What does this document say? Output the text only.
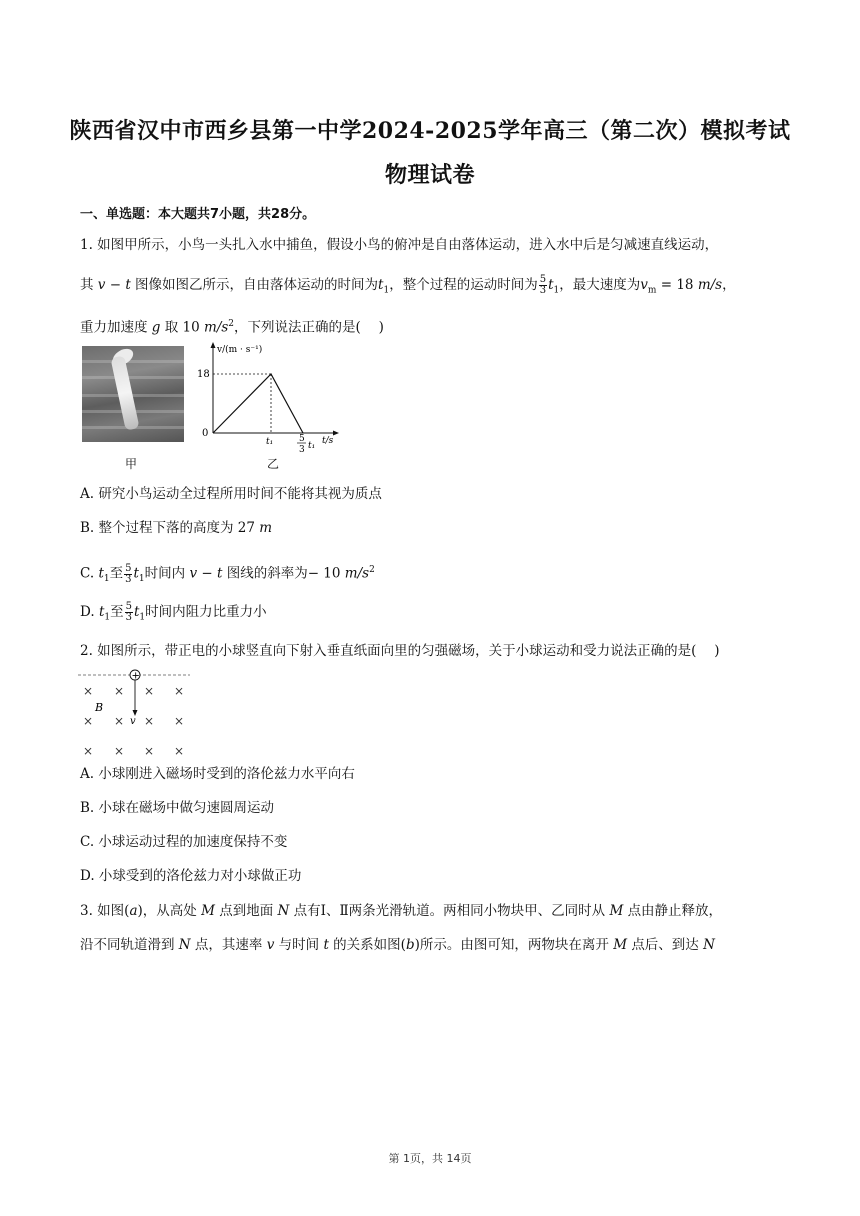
陕西省汉中市西乡县第一中学2024-2025学年高三（第二次）模拟考试
物理试卷
一、单选题：本大题共7小题，共28分。
1. 如图甲所示，小鸟一头扎入水中捕鱼，假设小鸟的俯冲是自由落体运动，进入水中后是匀减速直线运动，
其 v − t 图像如图乙所示，自由落体运动的时间为$t_1$，整个过程的运动时间为 $\frac{5}{3} t_1$，最大速度为$v_m = 18$ m/s，
重力加速度 g 取 10 $m/s^2$，下列说法正确的是(　 )
甲
v/(m · s⁻¹)
18
0
t₁	5
3 t₁ t/s
乙
A. 研究小鸟运动全过程所用时间不能将其视为质点
B. 整个过程下落的高度为 27 m
C. $t_1$至 $\frac{5}{3} t_1$时间内 v − t 图线的斜率为− 10 $m/s^2$
D. $t_1$至 $\frac{5}{3} t_1$时间内阻力比重力小
2. 如图所示，带正电的小球竖直向下射入垂直纸面向里的匀强磁场，关于小球运动和受力说法正确的是(　 )
+
× × × ×
B
× × v × ×
× × × ×
A. 小球刚进入磁场时受到的洛伦兹力水平向右
B. 小球在磁场中做匀速圆周运动
C. 小球运动过程的加速度保持不变
D. 小球受到的洛伦兹力对小球做正功
3. 如图(a)，从高处 M 点到地面 N 点有Ⅰ、Ⅱ两条光滑轨道。两相同小物块甲、乙同时从 M 点由静止释放，
沿不同轨道滑到 N 点，其速率 v 与时间 t 的关系如图(b)所示。由图可知，两物块在离开 M 点后、到达 N
第 1页，共 14页
